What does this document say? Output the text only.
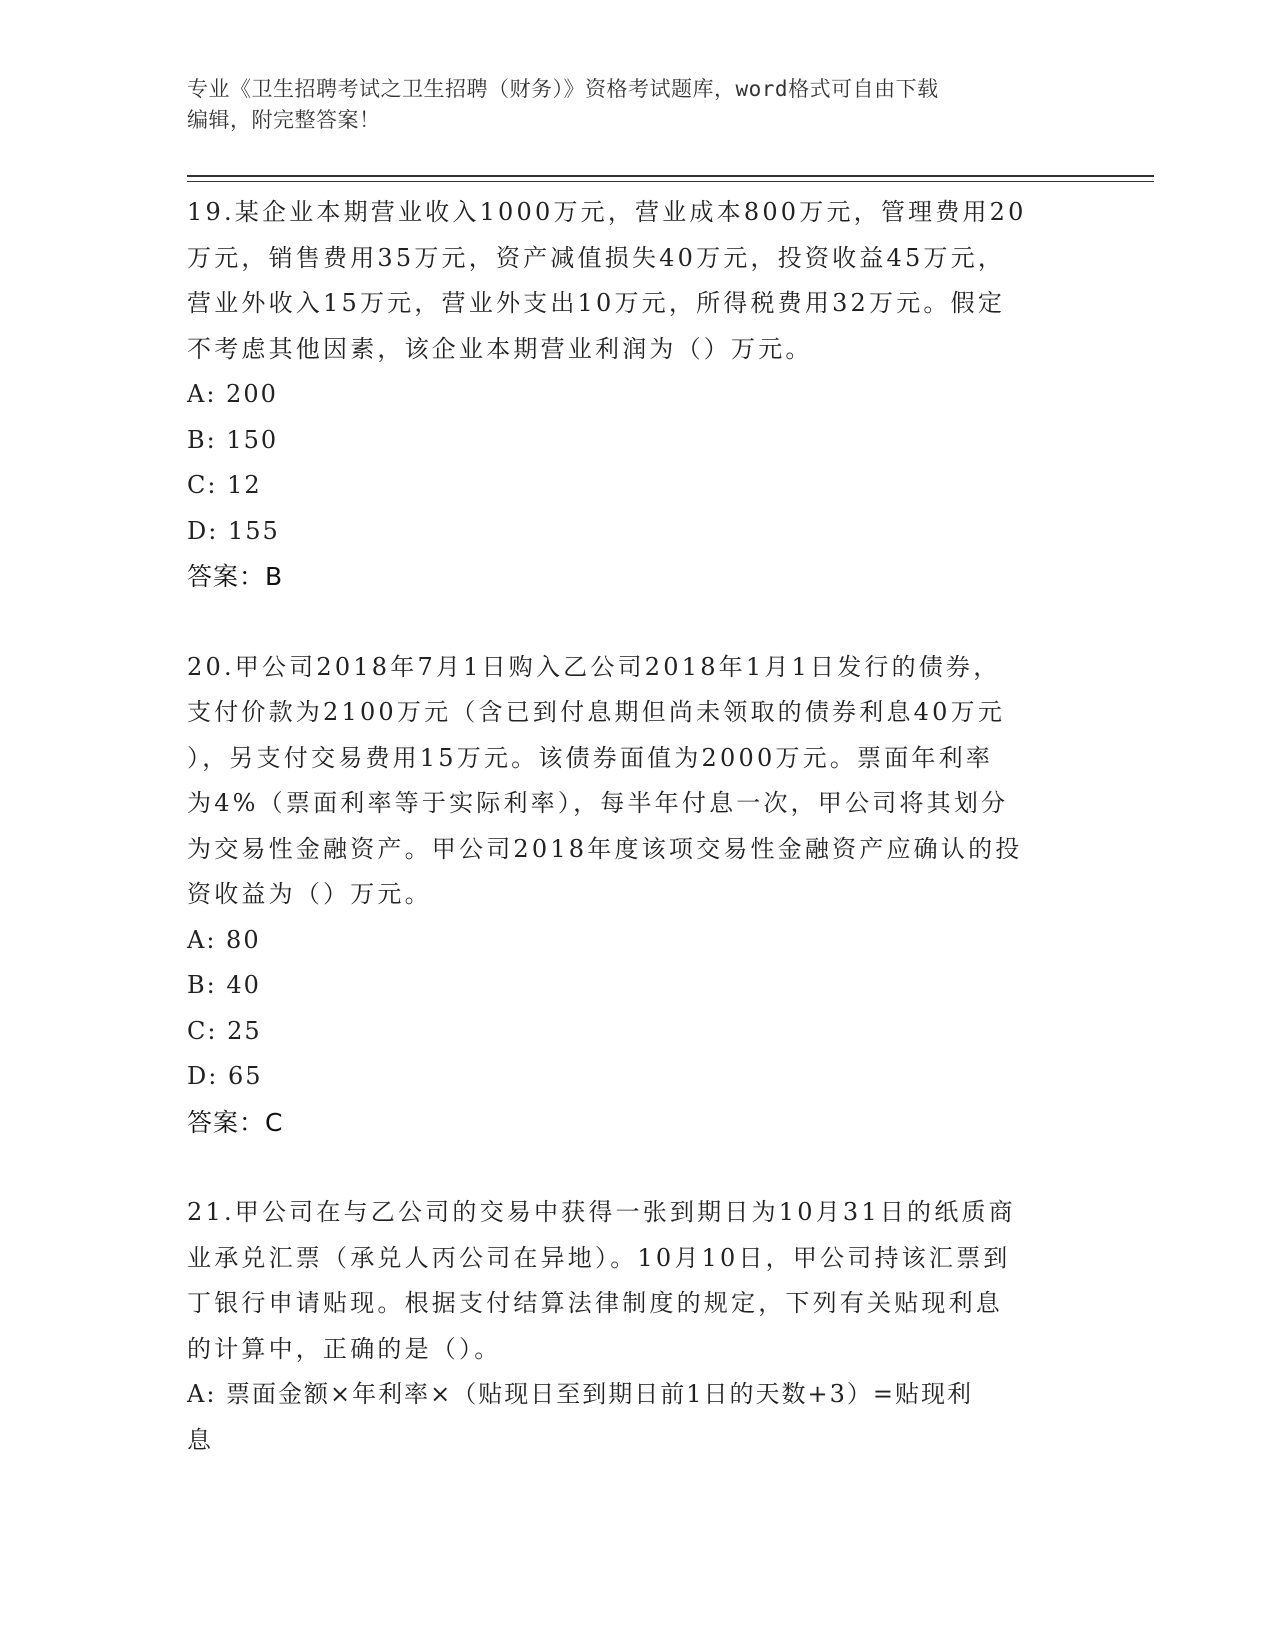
专业《卫生招聘考试之卫生招聘（财务）》资格考试题库，word格式可自由下载
编辑，附完整答案！
19.某企业本期营业收入1000万元，营业成本800万元，管理费用20
万元，销售费用35万元，资产减值损失40万元，投资收益45万元，
营业外收入15万元，营业外支出10万元，所得税费用32万元。假定
不考虑其他因素，该企业本期营业利润为（）万元。
A: 200
B: 150
C: 12
D: 155
答案：B
20.甲公司2018年7月1日购入乙公司2018年1月1日发行的债券，
支付价款为2100万元（含已到付息期但尚未领取的债券利息40万元
），另支付交易费用15万元。该债券面值为2000万元。票面年利率
为4%（票面利率等于实际利率），每半年付息一次，甲公司将其划分
为交易性金融资产。甲公司2018年度该项交易性金融资产应确认的投
资收益为（）万元。
A: 80
B: 40
C: 25
D: 65
答案：C
21.甲公司在与乙公司的交易中获得一张到期日为10月31日的纸质商
业承兑汇票（承兑人丙公司在异地）。10月10日，甲公司持该汇票到
丁银行申请贴现。根据支付结算法律制度的规定，下列有关贴现利息
的计算中，正确的是（）。
A: 票面金额×年利率×（贴现日至到期日前1日的天数+3）=贴现利
息
